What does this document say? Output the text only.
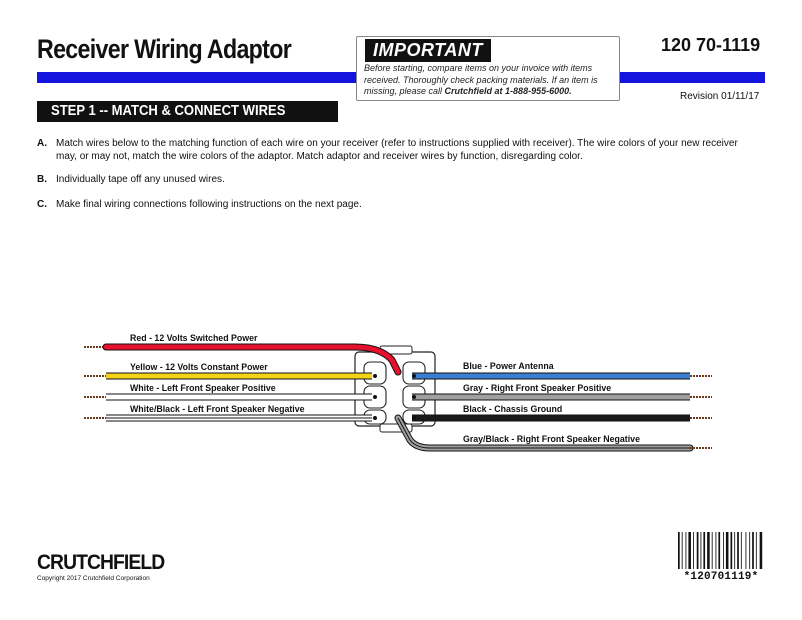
Receiver Wiring Adaptor	120 70-1119
IMPORTANT
Before starting, compare items on your invoice with items received. Thoroughly check packing materials. If an item is missing, please call Crutchfield at 1-888-955-6000.	Revision 01/11/17
STEP 1 -- MATCH & CONNECT WIRES
A. Match wires below to the matching function of each wire on your receiver (refer to instructions supplied with receiver). The wire colors of your new receiver may, or may not, match the wire colors of the adaptor. Match adaptor and receiver wires by function, disregarding color.
B. Individually tape off any unused wires.
C. Make final wiring connections following instructions on the next page.
Red - 12 Volts Switched Power
Yellow - 12 Volts Constant Power
White - Left Front Speaker Positive
White/Black - Left Front Speaker Negative
Blue - Power Antenna
Gray - Right Front Speaker Positive
Black - Chassis Ground
Gray/Black - Right Front Speaker Negative
CRUTCHFIELD
Copyright 2017 Crutchfield Corporation	*120701119*
